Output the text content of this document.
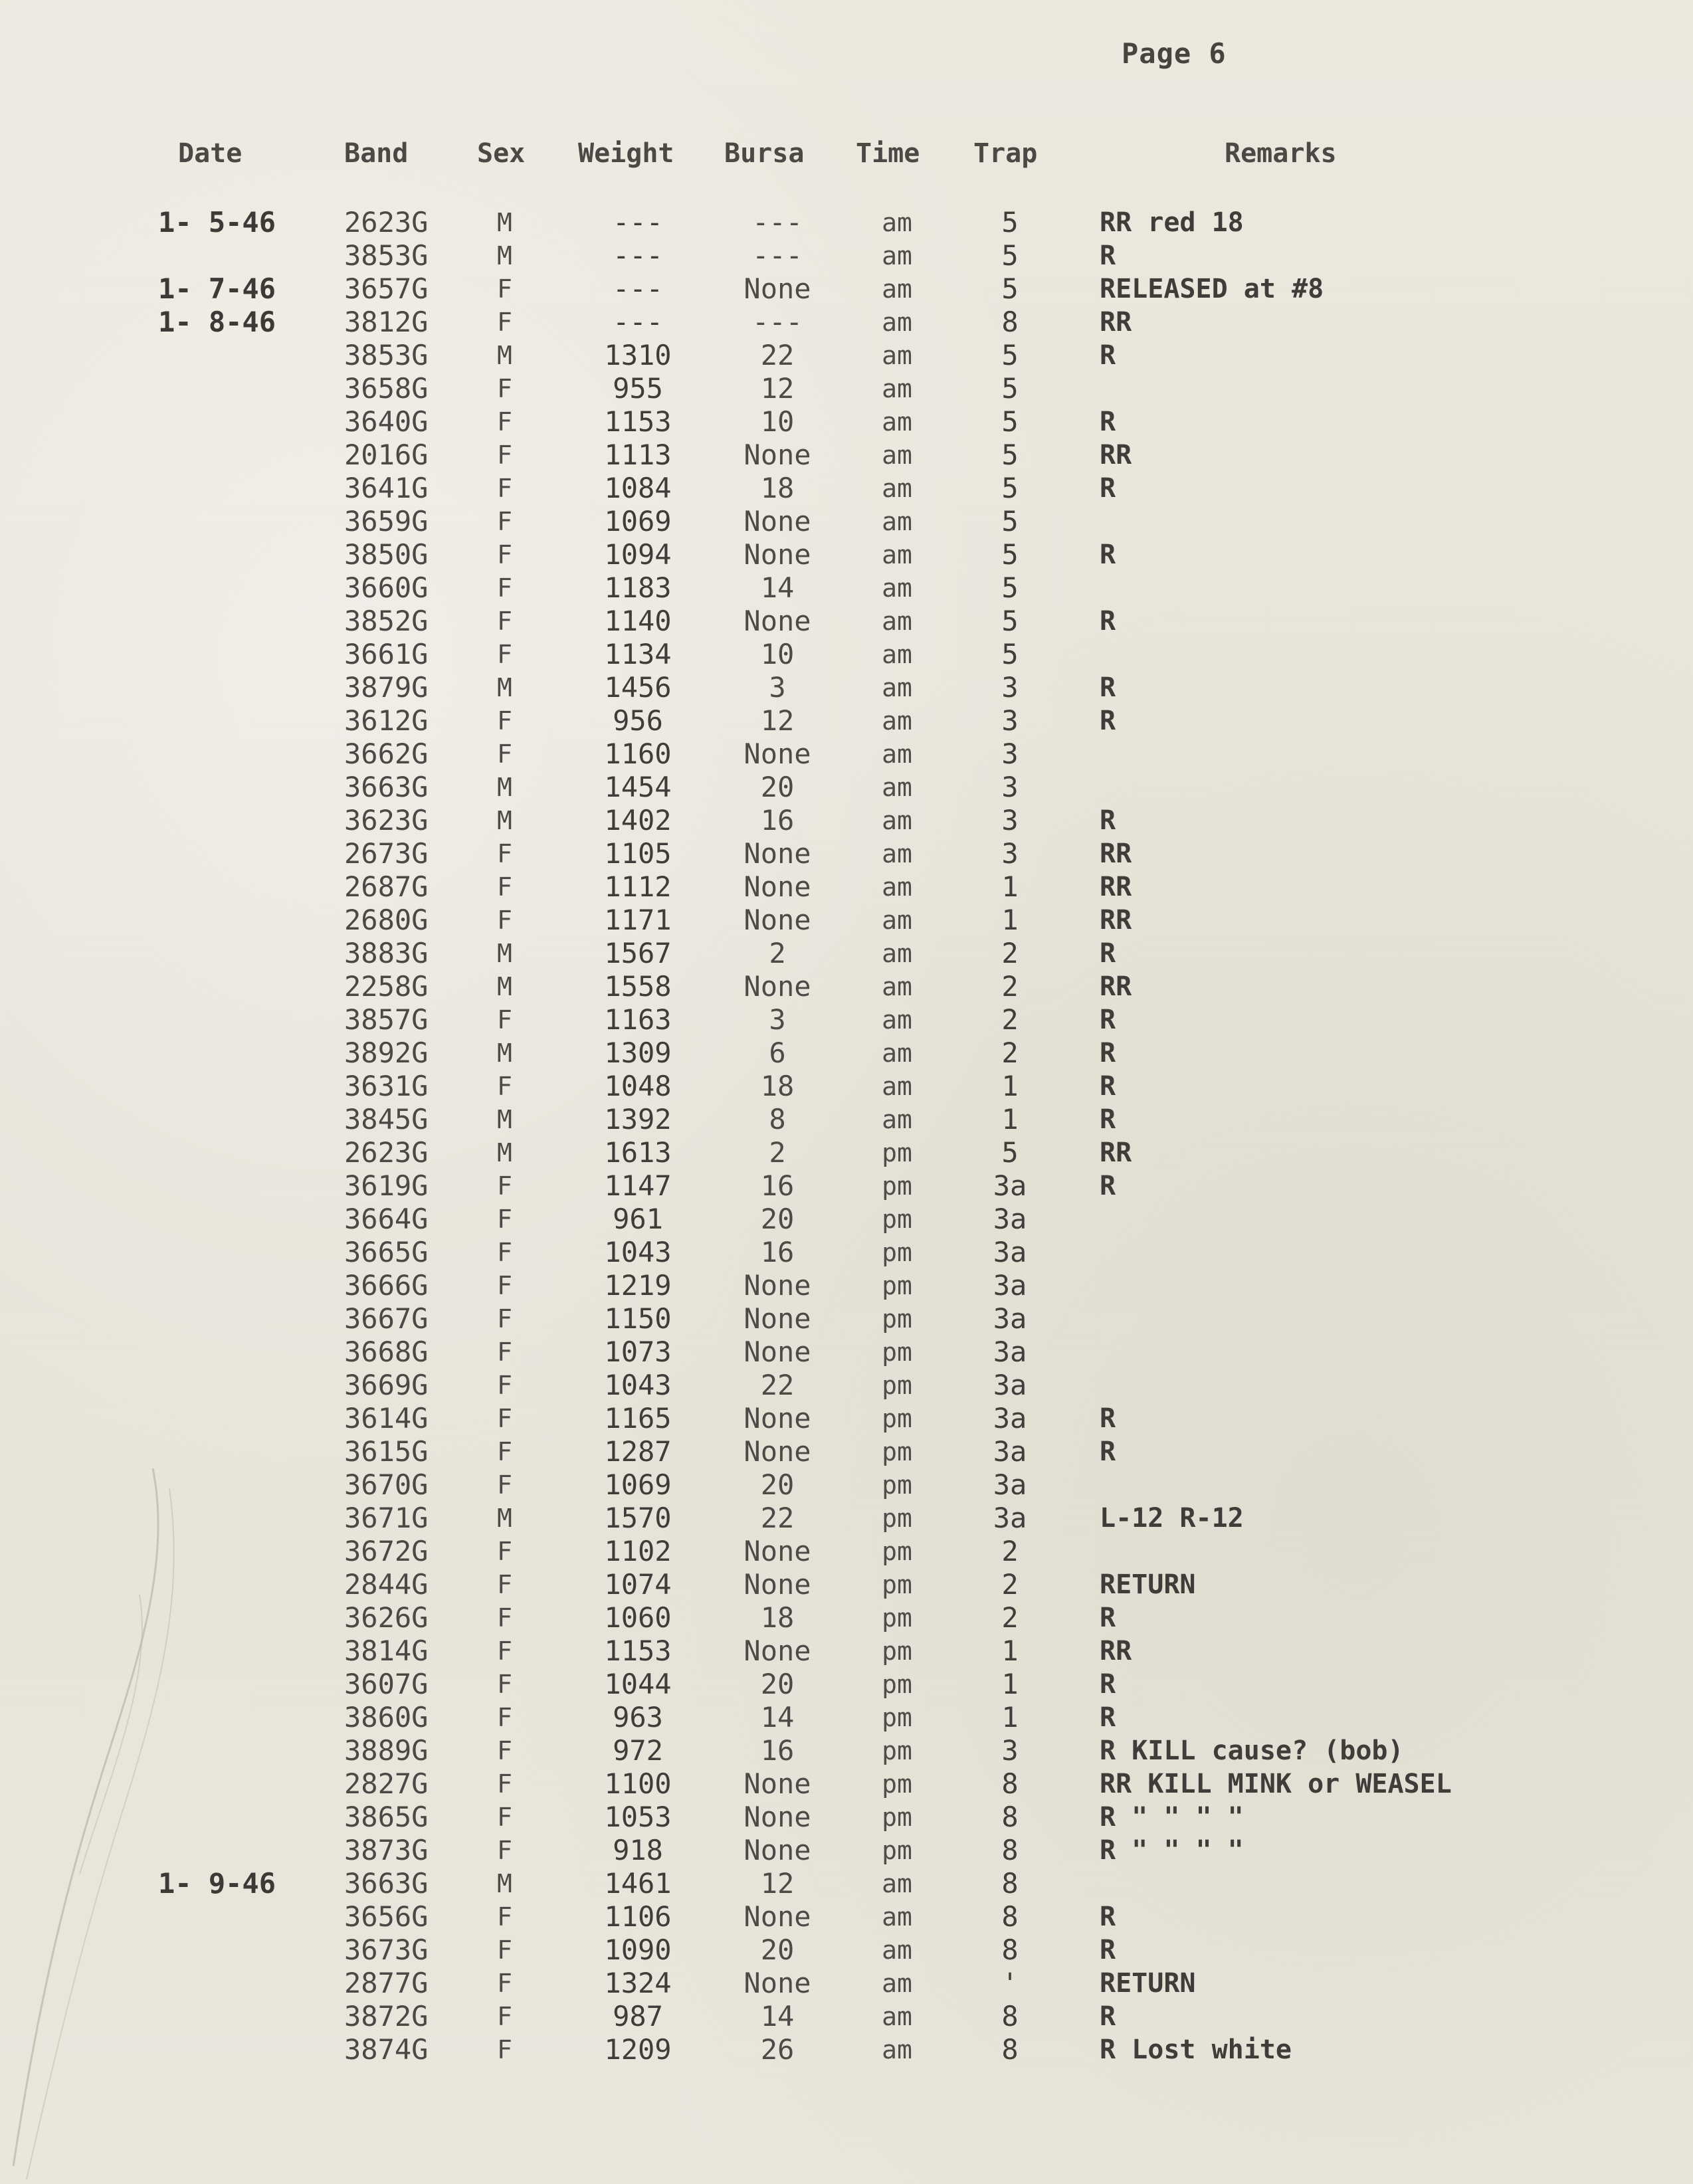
Page 6
Date	Band	Sex Weight Bursa Time Trap	Remarks
1- 5-46	2623G	M	---	---	am	5	RR red 18
3853G	M	---	---	am	5	R
1- 7-46	3657G	F	---	None	am	5	RELEASED at #8
1- 8-46	3812G	F	---	---	am	8	RR
3853G	M	1310	22	am	5	R
3658G	F	955	12	am	5
3640G	F	1153	10	am	5	R
2016G	F	1113	None	am	5	RR
3641G	F	1084	18	am	5	R
3659G	F	1069	None	am	5
3850G	F	1094	None	am	5	R
3660G	F	1183	14	am	5
3852G	F	1140	None	am	5	R
3661G	F	1134	10	am	5
3879G	M	1456	3	am	3	R
3612G	F	956	12	am	3	R
3662G	F	1160	None	am	3
3663G	M	1454	20	am	3
3623G	M	1402	16	am	3	R
2673G	F	1105	None	am	3	RR
2687G	F	1112	None	am	1	RR
2680G	F	1171	None	am	1	RR
3883G	M	1567	2	am	2	R
2258G	M	1558	None	am	2	RR
3857G	F	1163	3	am	2	R
3892G	M	1309	6	am	2	R
3631G	F	1048	18	am	1	R
3845G	M	1392	8	am	1	R
2623G	M	1613	2	pm	5	RR
3619G	F	1147	16	pm	3a	R
3664G	F	961	20	pm	3a
3665G	F	1043	16	pm	3a
3666G	F	1219	None	pm	3a
3667G	F	1150	None	pm	3a
3668G	F	1073	None	pm	3a
3669G	F	1043	22	pm	3a
3614G	F	1165	None	pm	3a	R
3615G	F	1287	None	pm	3a	R
3670G	F	1069	20	pm	3a
3671G	M	1570	22	pm	3a	L-12 R-12
3672G	F	1102	None	pm	2
2844G	F	1074	None	pm	2	RETURN
3626G	F	1060	18	pm	2	R
3814G	F	1153	None	pm	1	RR
3607G	F	1044	20	pm	1	R
3860G	F	963	14	pm	1	R
3889G	F	972	16	pm	3	R KILL cause? (bob)
2827G	F	1100	None	pm	8	RR KILL MINK or WEASEL
3865G	F	1053	None	pm	8	R " " " "
3873G	F	918	None	pm	8	R " " " "
1- 9-46	3663G	M	1461	12	am	8
3656G	F	1106	None	am	8	R
3673G	F	1090	20	am	8	R
2877G	F	1324	None	am	'	RETURN
3872G	F	987	14	am	8	R
3874G	F	1209	26	am	8	R Lost white
